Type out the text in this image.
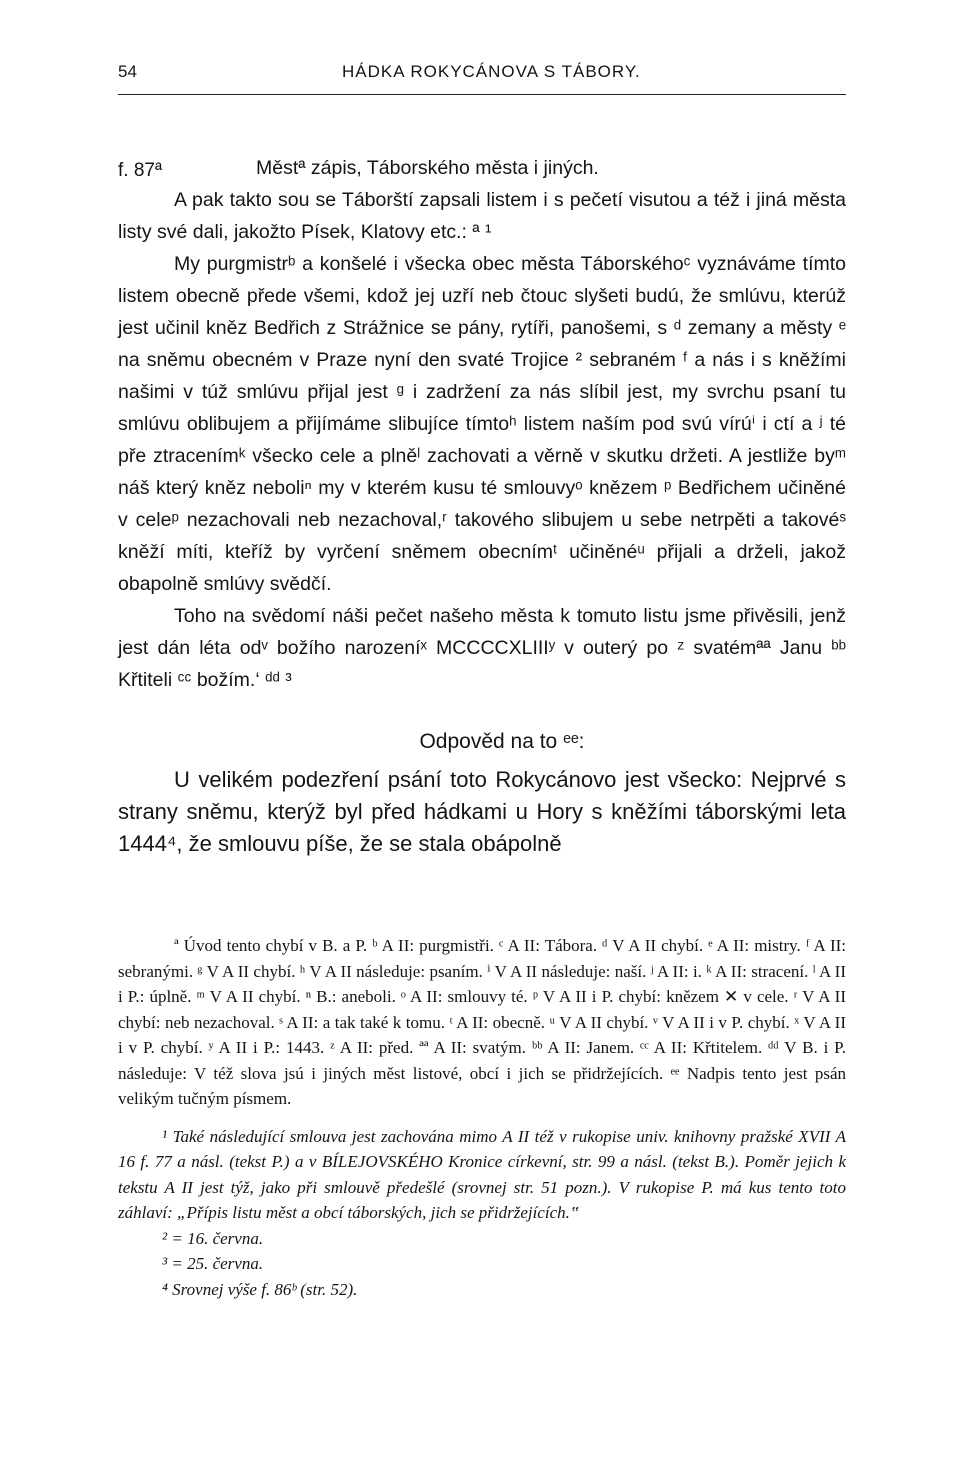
54	HÁDKA ROKYCÁNOVA S TÁBORY.
f. 87ª	Městª zápis, Táborského města i jiných.

A pak takto sou se Táborští zapsali listem i s pečetí visutou a též i jiná města listy své dali, jakožto Písek, Klatovy etc.: ª ¹

My purgmistrᵇ a konšelé i všecka obec města Táborskéhoᶜ vyznáváme tímto listem obecně přede všemi, kdož jej uzří neb čtouc slyšeti budú, že smlúvu, kterúž jest učinil kněz Bedřich z Strážnice se pány, rytíři, panošemi, s ᵈ zemany a městy ᵉ na sněmu obecném v Praze nyní den svaté Trojice ² sebraném ᶠ a nás i s kněžími našimi v túž smlúvu přijal jest ᵍ i zadržení za nás slíbil jest, my svrchu psaní tu smlúvu oblibujem a přijímáme slibujíce tímtoʰ listem naším pod svú vírúⁱ i ctí a ʲ té pře ztracenímᵏ všecko cele a plněˡ zachovati a věrně v skutku držeti. A jestliže byᵐ náš který kněz neboliⁿ my v kterém kusu té smlouvyᵒ knězem ᵖ Bedřichem učiněné v celeᵖ nezachovali neb nezachoval,ʳ takového slibujem u sebe netrpěti a takovéˢ kněží míti, kteříž by vyrčení sněmem obecnímᵗ učiněnéᵘ přijali a drželi, jakož obapolně smlúvy svědčí.

Toho na svědomí náši pečet našeho města k tomuto listu jsme přivěsili, jenž jest dán léta odᵛ božího narozeníˣ MCCCCXLIIIʸ v outerý po ᶻ svatémªª Janu ᵇᵇ Křtiteli ᶜᶜ božím.‘ ᵈᵈ ³

Odpověd na to ᵉᵉ:

U velikém podezření psání toto Rokycánovo jest všecko: Nejprvé s strany sněmu, kterýž byl před hádkami u Hory s kněžími táborskými leta 1444⁴, že smlouvu píše, že se stala obápolně

ª Úvod tento chybí v B. a P. ᵇ A II: purgmistři. ᶜ A II: Tábora. ᵈ V A II chybí. ᵉ A II: mistry. ᶠ A II: sebranými. ᵍ V A II chybí. ʰ V A II následuje: psaním. ⁱ V A II následuje: naší. ʲ A II: i. ᵏ A II: stracení. ˡ A II i P.: úplně. ᵐ V A II chybí. ⁿ B.: aneboli. ᵒ A II: smlouvy té. ᵖ V A II i P. chybí: knězem ✕ v cele. ʳ V A II chybí: neb nezachoval. ˢ A II: a tak také k tomu. ᵗ A II: obecně. ᵘ V A II chybí. ᵛ V A II i v P. chybí. ˣ V A II i v P. chybí. ʸ A II i P.: 1443. ᶻ A II: před. ªª A II: svatým. ᵇᵇ A II: Janem. ᶜᶜ A II: Křtitelem. ᵈᵈ V B. i P. následuje: V též slova jsú i jiných měst listové, obcí i jich se přidržejících. ᵉᵉ Nadpis tento jest psán velikým tučným písmem.

¹ Také následující smlouva jest zachována mimo A II též v rukopise univ. knihovny pražské XVII A 16 f. 77 a násl. (tekst P.) a v BÍLEJOVSKÉHO Kronice církevní, str. 99 a násl. (tekst B.). Poměr jejich k tekstu A II jest týž, jako při smlouvě předešlé (srovnej str. 51 pozn.). V rukopise P. má kus tento toto záhlaví: „Přípis listu měst a obcí táborských, jich se přidržejících.‟

² = 16. června.

³ = 25. června.

⁴ Srovnej výše f. 86ᵇ (str. 52).
